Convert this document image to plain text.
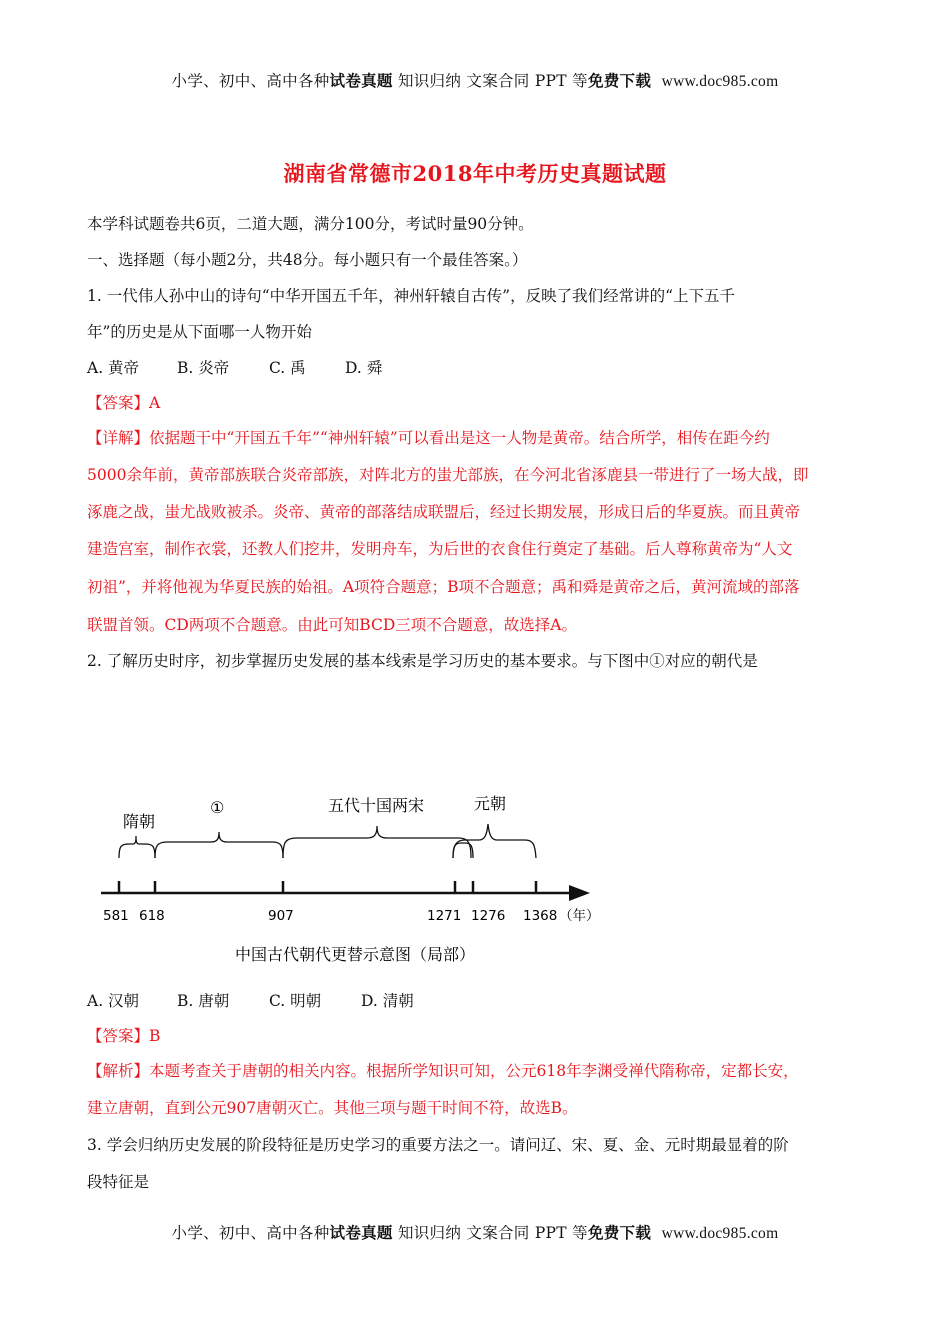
小学、初中、高中各种试卷真题 知识归纳 文案合同 PPT 等免费下载 www.doc985.com
湖南省常德市2018年中考历史真题试题
本学科试题卷共6页，二道大题，满分100分，考试时量90分钟。
一、选择题（每小题2分，共48分。每小题只有一个最佳答案。）
1. 一代伟人孙中山的诗句“中华开国五千年，神州轩辕自古传”，反映了我们经常讲的“上下五千
年”的历史是从下面哪一人物开始
A. 黄帝 B. 炎帝	C. 禹	D. 舜
【答案】A
【详解】依据题干中“开国五千年”“神州轩辕”可以看出是这一人物是黄帝。结合所学，相传在距今约
5000余年前，黄帝部族联合炎帝部族，对阵北方的蚩尤部族，在今河北省涿鹿县一带进行了一场大战，即
涿鹿之战，蚩尤战败被杀。炎帝、黄帝的部落结成联盟后，经过长期发展，形成日后的华夏族。而且黄帝
建造宫室，制作衣裳，还教人们挖井，发明舟车，为后世的衣食住行奠定了基础。后人尊称黄帝为“人文
初祖”，并将他视为华夏民族的始祖。A项符合题意；B项不合题意；禹和舜是黄帝之后，黄河流域的部落
联盟首领。CD两项不合题意。由此可知BCD三项不合题意，故选择A。
2. 了解历史时序，初步掌握历史发展的基本线索是学习历史的基本要求。与下图中①对应的朝代是
隋朝
①	五代十国两宋	元朝
581 618	907	1271 1276 1368 （年）
中国古代朝代更替示意图（局部）
A. 汉朝 B. 唐朝	C. 明朝	D. 清朝
【答案】B
【解析】本题考查关于唐朝的相关内容。根据所学知识可知，公元618年李渊受禅代隋称帝，定都长安，
建立唐朝，直到公元907唐朝灭亡。其他三项与题干时间不符，故选B。
3. 学会归纳历史发展的阶段特征是历史学习的重要方法之一。请问辽、宋、夏、金、元时期最显着的阶
段特征是
小学、初中、高中各种试卷真题 知识归纳 文案合同 PPT 等免费下载 www.doc985.com
